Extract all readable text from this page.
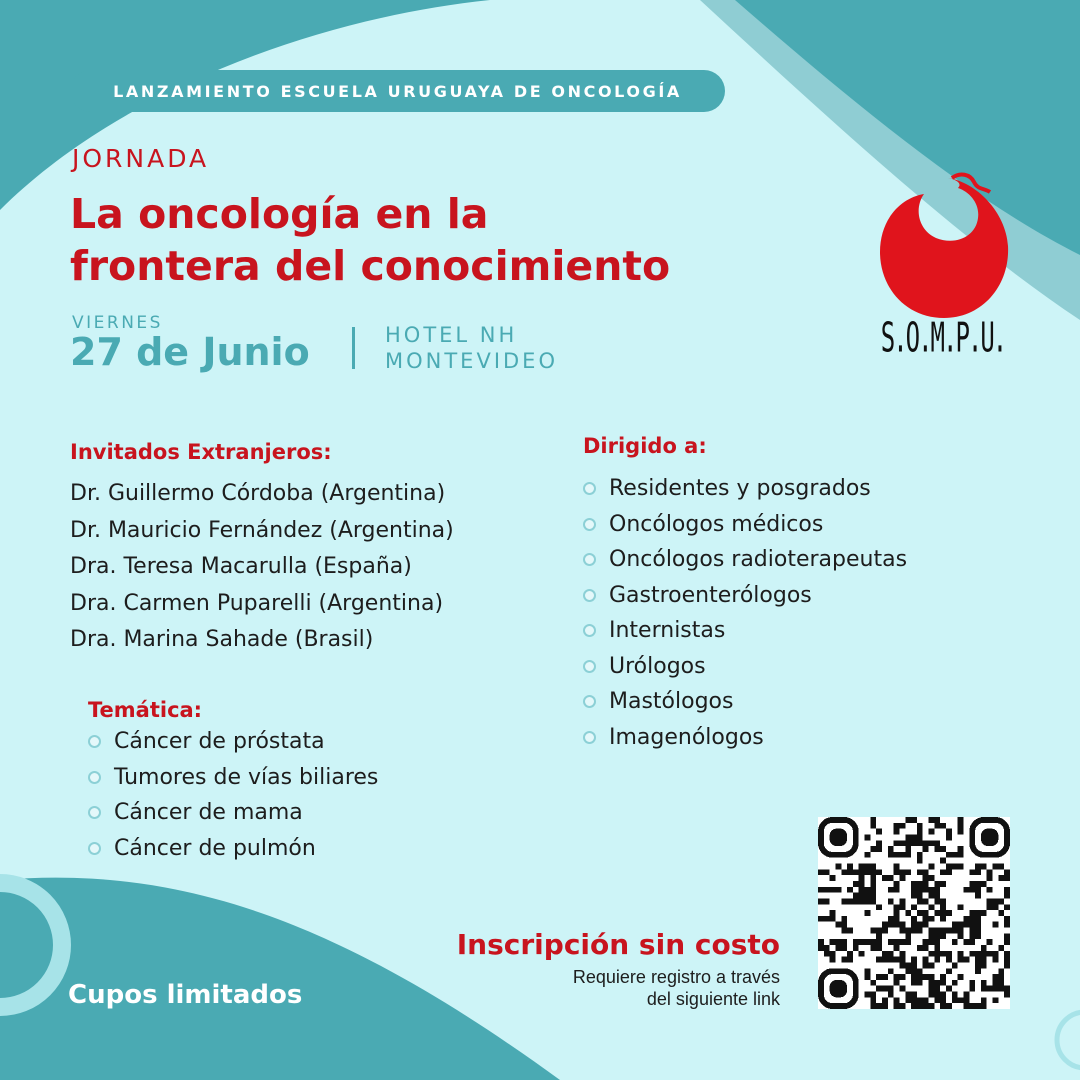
LANZAMIENTO ESCUELA URUGUAYA DE ONCOLOGÍA
JORNADA
La oncología en la
frontera del conocimiento
VIERNES
27 de Junio	HOTEL NH
MONTEVIDEO	S.O.M.P.U.
Invitados Extranjeros:
Dr. Guillermo Córdoba (Argentina)
Dr. Mauricio Fernández (Argentina)
Dra. Teresa Macarulla (España)
Dra. Carmen Puparelli (Argentina)
Dra. Marina Sahade (Brasil)
Dirigido a:
Residentes y posgrados
Oncólogos médicos
Oncólogos radioterapeutas
Gastroenterólogos
Internistas
Urólogos
Mastólogos
Imagenólogos
Temática:
Cáncer de próstata
Tumores de vías biliares
Cáncer de mama
Cáncer de pulmón
Cupos limitados
Inscripción sin costo
Requiere registro a través
del siguiente link
